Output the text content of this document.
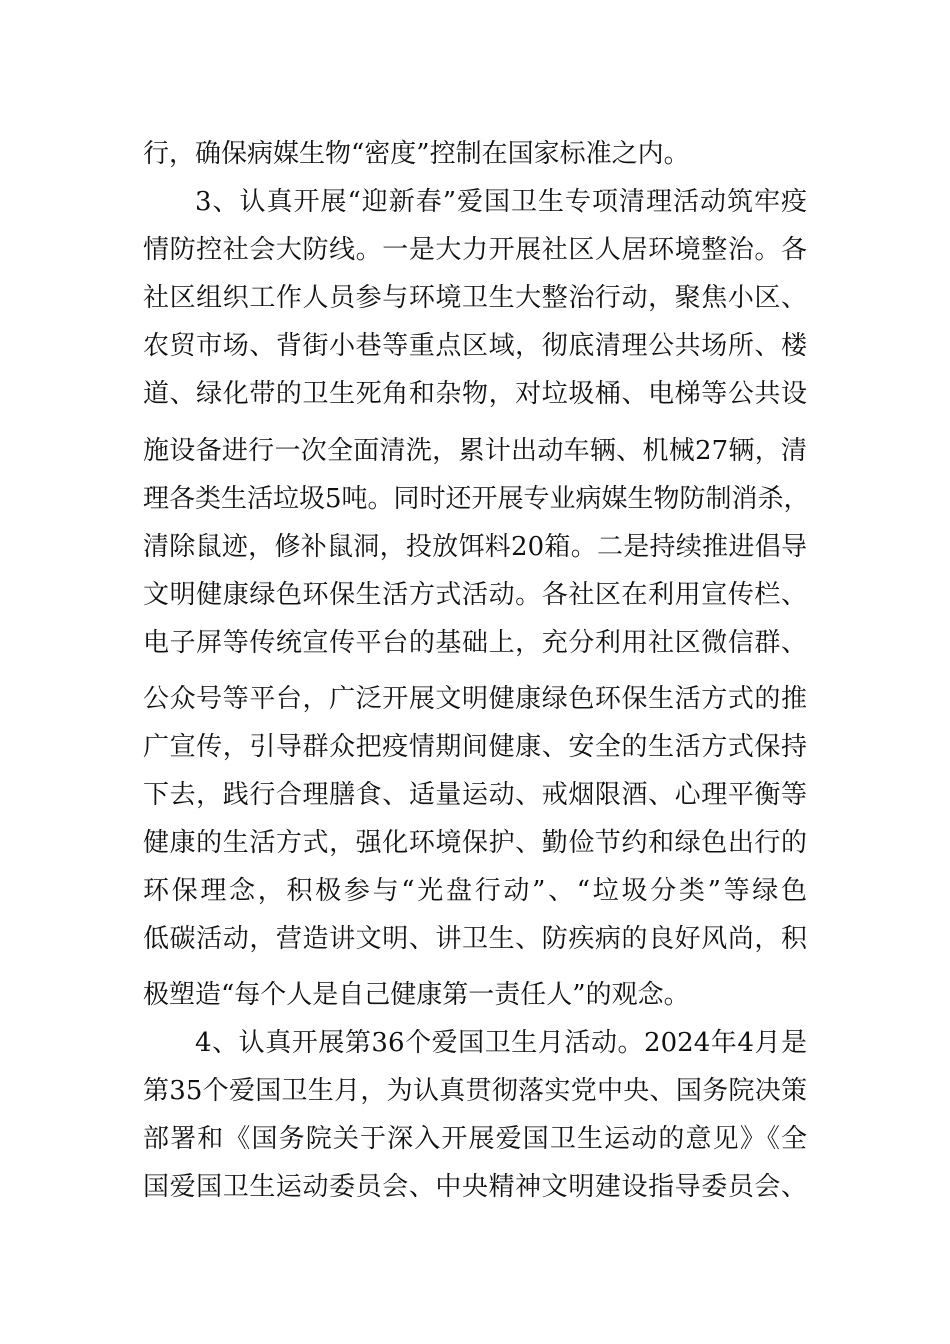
行，确保病媒生物“密度”控制在国家标准之内。
3、认真开展“迎新春”爱国卫生专项清理活动筑牢疫
情防控社会大防线。一是大力开展社区人居环境整治。各
社区组织工作人员参与环境卫生大整治行动，聚焦小区、
农贸市场、背街小巷等重点区域，彻底清理公共场所、楼
道、绿化带的卫生死角和杂物，对垃圾桶、电梯等公共设
施设备进行一次全面清洗，累计出动车辆、机械27辆，清
理各类生活垃圾5吨。同时还开展专业病媒生物防制消杀，
清除鼠迹，修补鼠洞，投放饵料20箱。二是持续推进倡导
文明健康绿色环保生活方式活动。各社区在利用宣传栏、
电子屏等传统宣传平台的基础上，充分利用社区微信群、
公众号等平台，广泛开展文明健康绿色环保生活方式的推
广宣传，引导群众把疫情期间健康、安全的生活方式保持
下去，践行合理膳食、适量运动、戒烟限酒、心理平衡等
健康的生活方式，强化环境保护、勤俭节约和绿色出行的
环保理念，积极参与“光盘行动”、“垃圾分类”等绿色
低碳活动，营造讲文明、讲卫生、防疾病的良好风尚，积
极塑造“每个人是自己健康第一责任人”的观念。
4、认真开展第36个爱国卫生月活动。2024年4月是
第35个爱国卫生月，为认真贯彻落实党中央、国务院决策
部署和《国务院关于深入开展爱国卫生运动的意见》《全
国爱国卫生运动委员会、中央精神文明建设指导委员会、
